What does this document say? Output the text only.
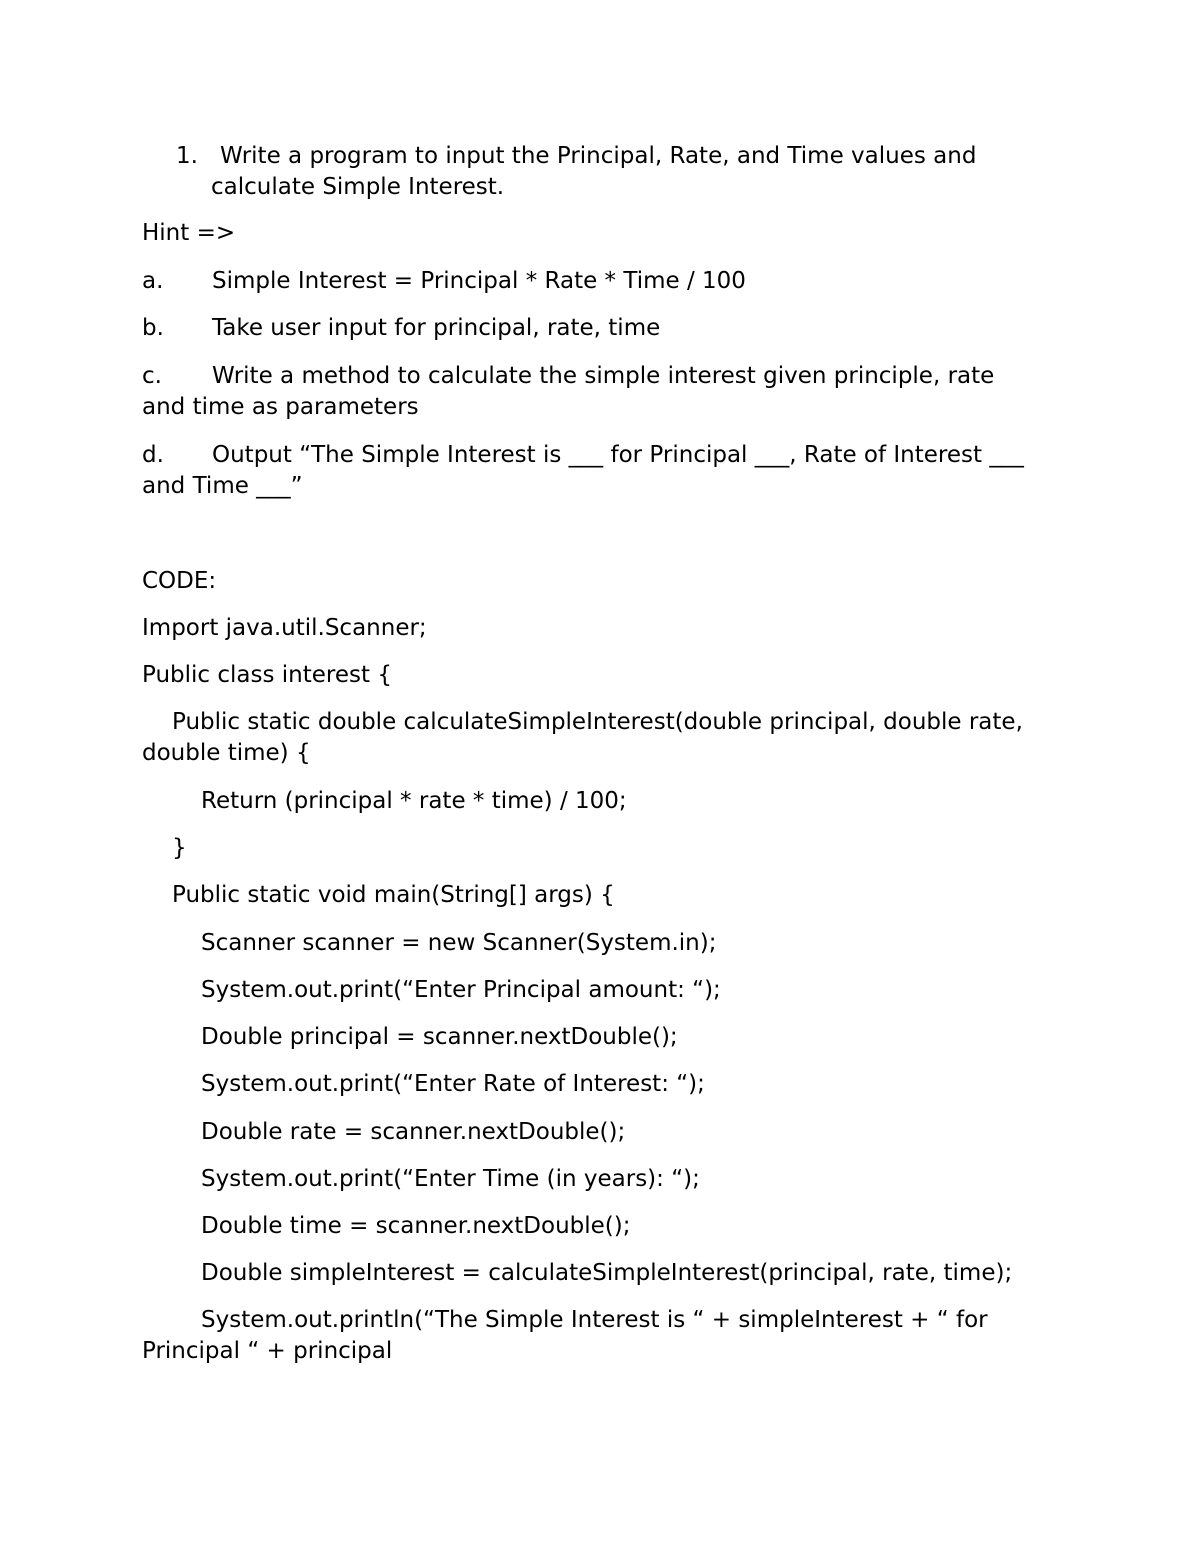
1. Write a program to input the Principal, Rate, and Time values and
calculate Simple Interest.
Hint =>
a. Simple Interest = Principal * Rate * Time / 100
b. Take user input for principal, rate, time
c. Write a method to calculate the simple interest given principle, rate
and time as parameters
d. Output “The Simple Interest is ___ for Principal ___, Rate of Interest ___
and Time ___”
CODE:
Import java.util.Scanner;
Public class interest {
Public static double calculateSimpleInterest(double principal, double rate,
double time) {
Return (principal * rate * time) / 100;
}
Public static void main(String[] args) {
Scanner scanner = new Scanner(System.in);
System.out.print(“Enter Principal amount: “);
Double principal = scanner.nextDouble();
System.out.print(“Enter Rate of Interest: “);
Double rate = scanner.nextDouble();
System.out.print(“Enter Time (in years): “);
Double time = scanner.nextDouble();
Double simpleInterest = calculateSimpleInterest(principal, rate, time);
System.out.println(“The Simple Interest is “ + simpleInterest + “ for
Principal “ + principal
